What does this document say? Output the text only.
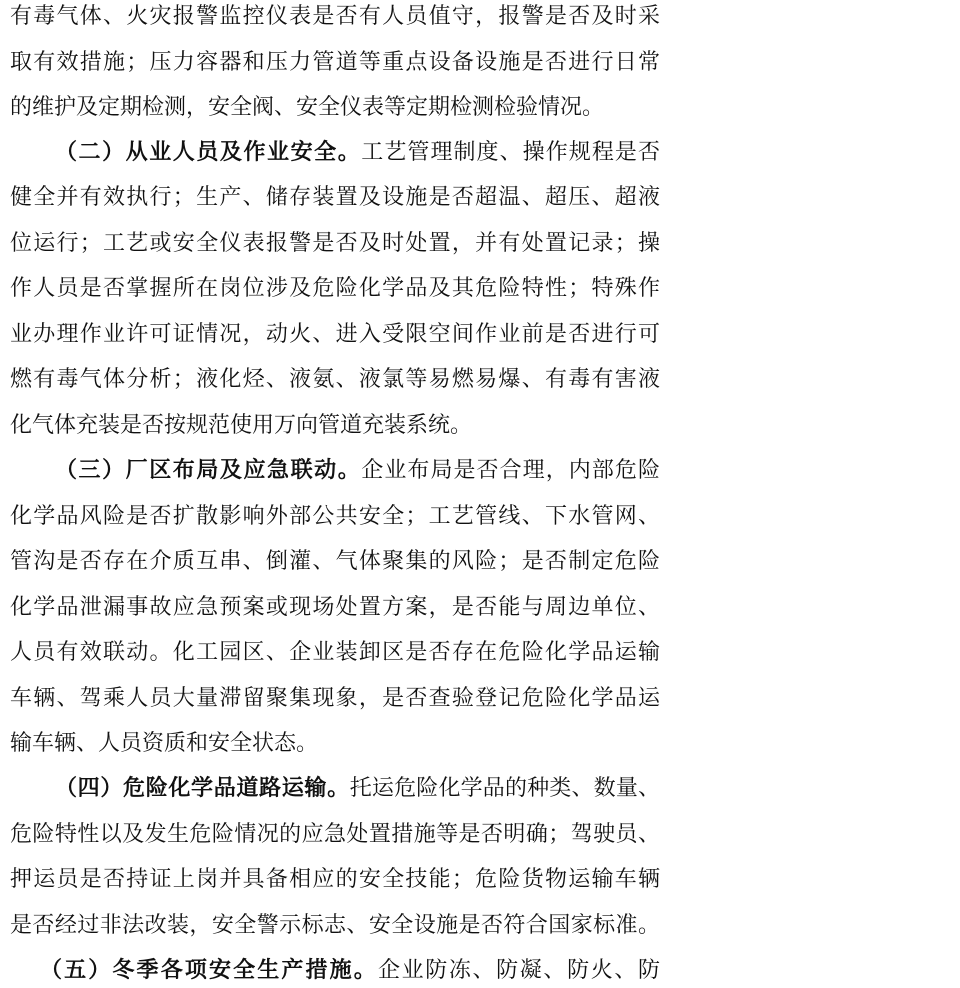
有毒气体、火灾报警监控仪表是否有人员值守，报警是否及时采

取有效措施；压力容器和压力管道等重点设备设施是否进行日常

的维护及定期检测，安全阀、安全仪表等定期检测检验情况。

（二）从业人员及作业安全。工艺管理制度、操作规程是否

健全并有效执行；生产、储存装置及设施是否超温、超压、超液

位运行；工艺或安全仪表报警是否及时处置，并有处置记录；操

作人员是否掌握所在岗位涉及危险化学品及其危险特性；特殊作

业办理作业许可证情况，动火、进入受限空间作业前是否进行可

燃有毒气体分析；液化烃、液氨、液氯等易燃易爆、有毒有害液

化气体充装是否按规范使用万向管道充装系统。

（三）厂区布局及应急联动。企业布局是否合理，内部危险

化学品风险是否扩散影响外部公共安全；工艺管线、下水管网、

管沟是否存在介质互串、倒灌、气体聚集的风险；是否制定危险

化学品泄漏事故应急预案或现场处置方案，是否能与周边单位、

人员有效联动。化工园区、企业装卸区是否存在危险化学品运输

车辆、驾乘人员大量滞留聚集现象，是否查验登记危险化学品运

输车辆、人员资质和安全状态。

（四）危险化学品道路运输。托运危险化学品的种类、数量、

危险特性以及发生危险情况的应急处置措施等是否明确；驾驶员、

押运员是否持证上岗并具备相应的安全技能；危险货物运输车辆

是否经过非法改装，安全警示标志、安全设施是否符合国家标准。

（五）冬季各项安全生产措施。企业防冻、防凝、防火、防
